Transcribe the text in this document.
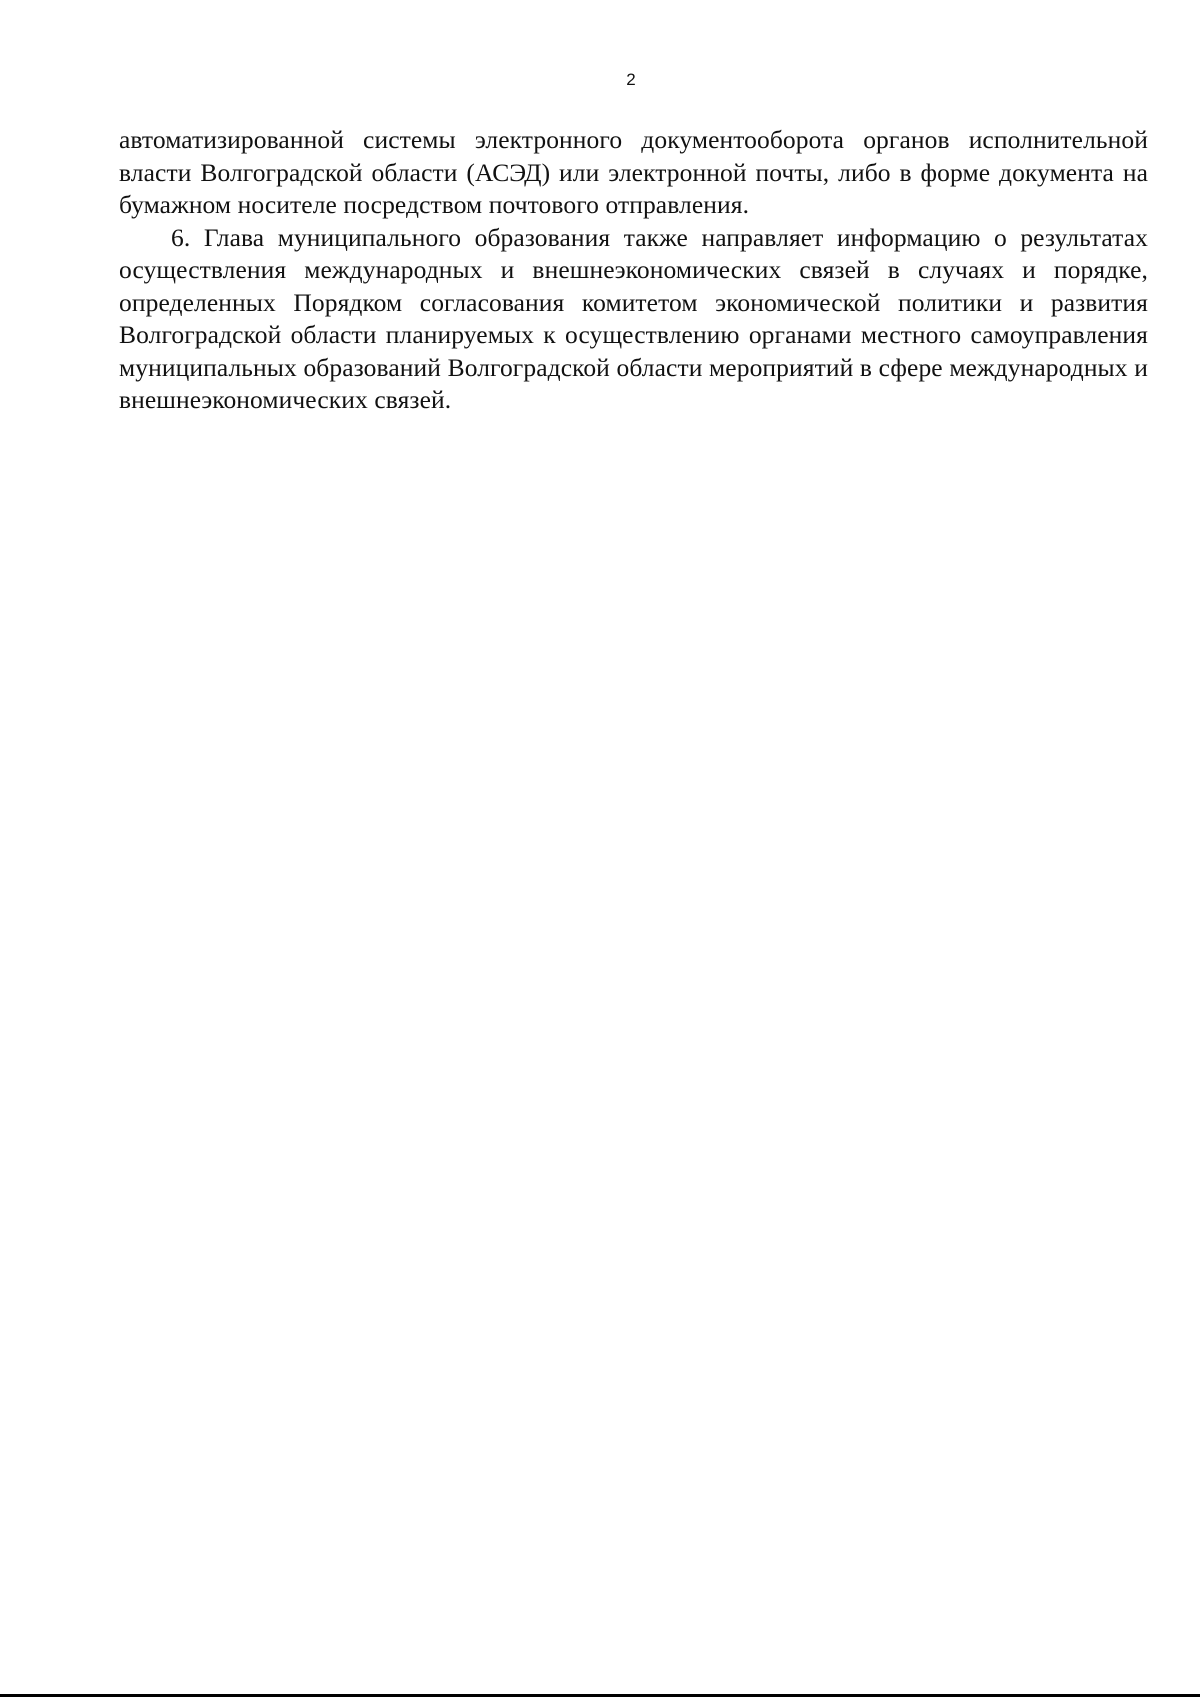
2

автоматизированной системы электронного документооборота органов исполнительной власти Волгоградской области (АСЭД) или электронной почты, либо в форме документа на бумажном носителе посредством почтового отправления.

6. Глава муниципального образования также направляет информацию о результатах осуществления международных и внешнеэкономических связей в случаях и порядке, определенных Порядком согласования комитетом экономической политики и развития Волгоградской области планируемых к осуществлению органами местного самоуправления муниципальных образований Волгоградской области мероприятий в сфере международных и внешнеэкономических связей.
